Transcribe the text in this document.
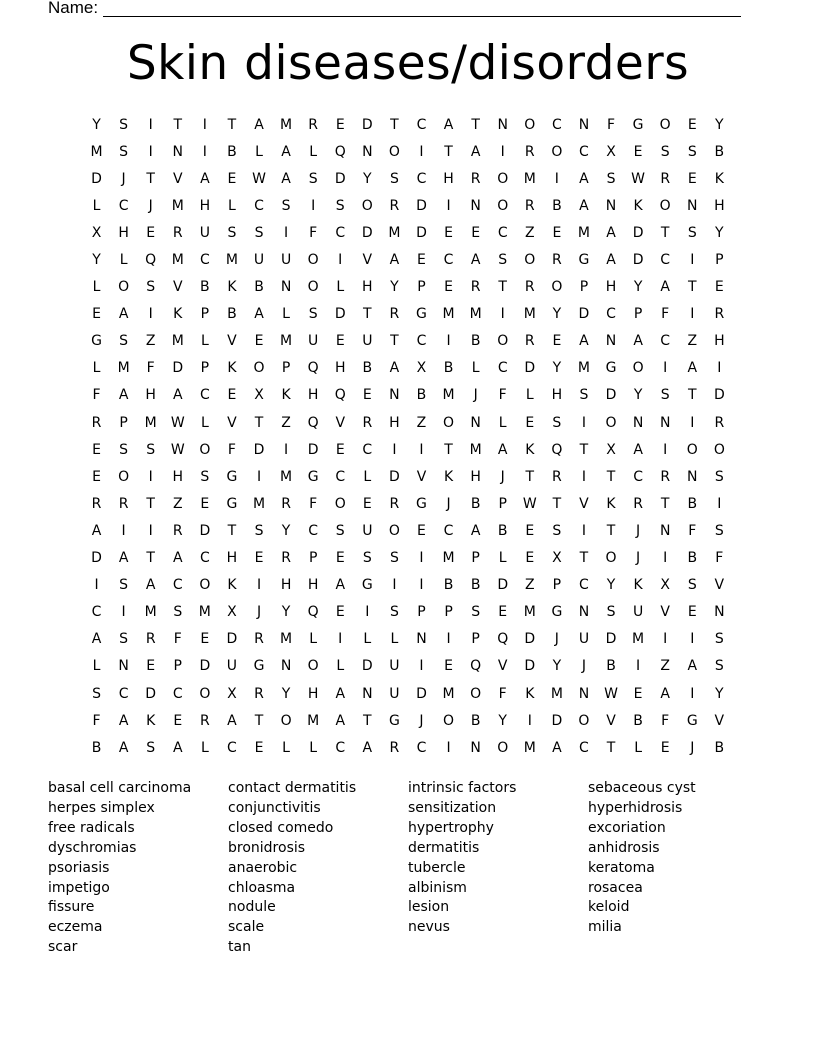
Name:
Skin diseases/disorders
Y	S	I	T	I	T	A	M	R	E	D	T	C	A	T	N	O	C	N	F	G	O	E	Y
M	S	I	N	I	B	L	A	L	Q	N	O	I	T	A	I	R	O	C	X	E	S	S	B
D	J	T	V	A	E	W	A	S	D	Y	S	C	H	R	O	M	I	A	S	W	R	E	K
L	C	J	M	H	L	C	S	I	S	O	R	D	I	N	O	R	B	A	N	K	O	N	H
X	H	E	R	U	S	S	I	F	C	D	M	D	E	E	C	Z	E	M	A	D	T	S	Y
Y	L	Q	M	C	M	U	U	O	I	V	A	E	C	A	S	O	R	G	A	D	C	I	P
L	O	S	V	B	K	B	N	O	L	H	Y	P	E	R	T	R	O	P	H	Y	A	T	E
E	A	I	K	P	B	A	L	S	D	T	R	G	M	M	I	M	Y	D	C	P	F	I	R
G	S	Z	M	L	V	E	M	U	E	U	T	C	I	B	O	R	E	A	N	A	C	Z	H
L	M	F	D	P	K	O	P	Q	H	B	A	X	B	L	C	D	Y	M	G	O	I	A	I
F	A	H	A	C	E	X	K	H	Q	E	N	B	M	J	F	L	H	S	D	Y	S	T	D
R	P	M	W	L	V	T	Z	Q	V	R	H	Z	O	N	L	E	S	I	O	N	N	I	R
E	S	S	W	O	F	D	I	D	E	C	I	I	T	M	A	K	Q	T	X	A	I	O	O
E	O	I	H	S	G	I	M	G	C	L	D	V	K	H	J	T	R	I	T	C	R	N	S
R	R	T	Z	E	G	M	R	F	O	E	R	G	J	B	P	W	T	V	K	R	T	B	I
A	I	I	R	D	T	S	Y	C	S	U	O	E	C	A	B	E	S	I	T	J	N	F	S
D	A	T	A	C	H	E	R	P	E	S	S	I	M	P	L	E	X	T	O	J	I	B	F
I	S	A	C	O	K	I	H	H	A	G	I	I	B	B	D	Z	P	C	Y	K	X	S	V
C	I	M	S	M	X	J	Y	Q	E	I	S	P	P	S	E	M	G	N	S	U	V	E	N
A	S	R	F	E	D	R	M	L	I	L	L	N	I	P	Q	D	J	U	D	M	I	I	S
L	N	E	P	D	U	G	N	O	L	D	U	I	E	Q	V	D	Y	J	B	I	Z	A	S
S	C	D	C	O	X	R	Y	H	A	N	U	D	M	O	F	K	M	N	W	E	A	I	Y
F	A	K	E	R	A	T	O	M	A	T	G	J	O	B	Y	I	D	O	V	B	F	G	V
B	A	S	A	L	C	E	L	L	C	A	R	C	I	N	O	M	A	C	T	L	E	J	B
basal cell carcinoma
herpes simplex
free radicals
dyschromias
psoriasis
impetigo
fissure
eczema
scar
contact dermatitis
conjunctivitis
closed comedo
bronidrosis
anaerobic
chloasma
nodule
scale
tan
intrinsic factors
sensitization
hypertrophy
dermatitis
tubercle
albinism
lesion
nevus
sebaceous cyst
hyperhidrosis
excoriation
anhidrosis
keratoma
rosacea
keloid
milia
